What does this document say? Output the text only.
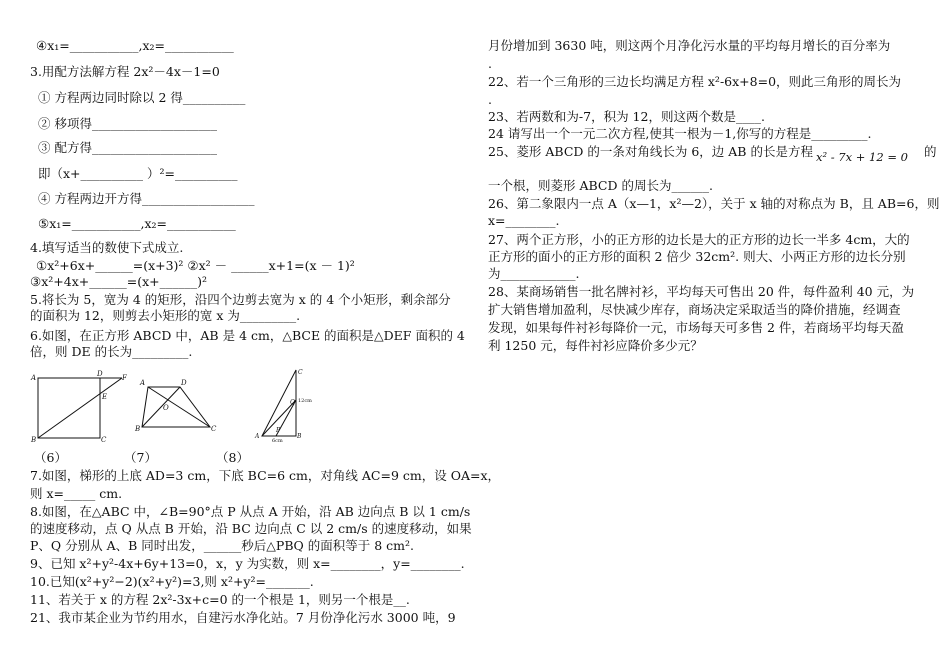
④x₁=___________,x₂=___________
3.用配方法解方程 2x²－4x－1=0
① 方程两边同时除以 2 得__________
② 移项得____________________
③ 配方得____________________
即（x+__________ ）²=__________
④ 方程两边开方得__________________
⑤x₁=___________,x₂=___________
4.填写适当的数使下式成立.
①x²+6x+______=(x+3)² ②x² － ______x+1=(x － 1)²
③x²+4x+______=(x+______)²
5.将长为 5，宽为 4 的矩形，沿四个边剪去宽为 x 的 4 个小矩形，剩余部分
的面积为 12，则剪去小矩形的宽 x 为_________.
6.如图，在正方形 ABCD 中，AB 是 4 cm，△BCE 的面积是△DEF 面积的 4
倍，则 DE 的长为_________.
A	D	F
E
B	C
A	D
O
B	C
C
Q 12cm
A
P
B
6cm
（6）	（7）	（8）
7.如图，梯形的上底 AD=3 cm，下底 BC=6 cm，对角线 AC=9 cm，设 OA=x，
则 x=_____ cm.
8.如图，在△ABC 中，∠B=90°点 P 从点 A 开始，沿 AB 边向点 B 以 1 cm/s
的速度移动，点 Q 从点 B 开始，沿 BC 边向点 C 以 2 cm/s 的速度移动，如果
P、Q 分别从 A、B 同时出发，______秒后△PBQ 的面积等于 8 cm².
9、已知 x²+y²-4x+6y+13=0，x，y 为实数，则 x=________，y=________.
10.已知(x²+y²−2)(x²+y²)=3,则 x²+y²=_______.
11、若关于 x 的方程 2x²-3x+c=0 的一个根是 1，则另一个根是__.
21、我市某企业为节约用水，自建污水净化站。7 月份净化污水 3000 吨，9
月份增加到 3630 吨，则这两个月净化污水量的平均每月增长的百分率为
.
22、若一个三角形的三边长均满足方程 x²-6x+8=0，则此三角形的周长为
.
23、若两数和为-7，积为 12，则这两个数是____.
24 请写出一个一元二次方程,使其一根为－1,你写的方程是_________.
25、菱形 ABCD 的一条对角线长为 6，边 AB 的长是方程 x² - 7x + 12 = 0 的
一个根，则菱形 ABCD 的周长为______.
26、第二象限内一点 A（x—1，x²—2），关于 x 轴的对称点为 B，且 AB=6，则
x=________.
27、两个正方形，小的正方形的边长是大的正方形的边长一半多 4cm，大的
正方形的面小的正方形的面积 2 倍少 32cm². 则大、小两正方形的边长分别
为____________.
28、某商场销售一批名牌衬衫，平均每天可售出 20 件，每件盈利 40 元，为
扩大销售增加盈利，尽快减少库存，商场决定采取适当的降价措施，经调查
发现，如果每件衬衫每降价一元，市场每天可多售 2 件，若商场平均每天盈
利 1250 元，每件衬衫应降价多少元？
